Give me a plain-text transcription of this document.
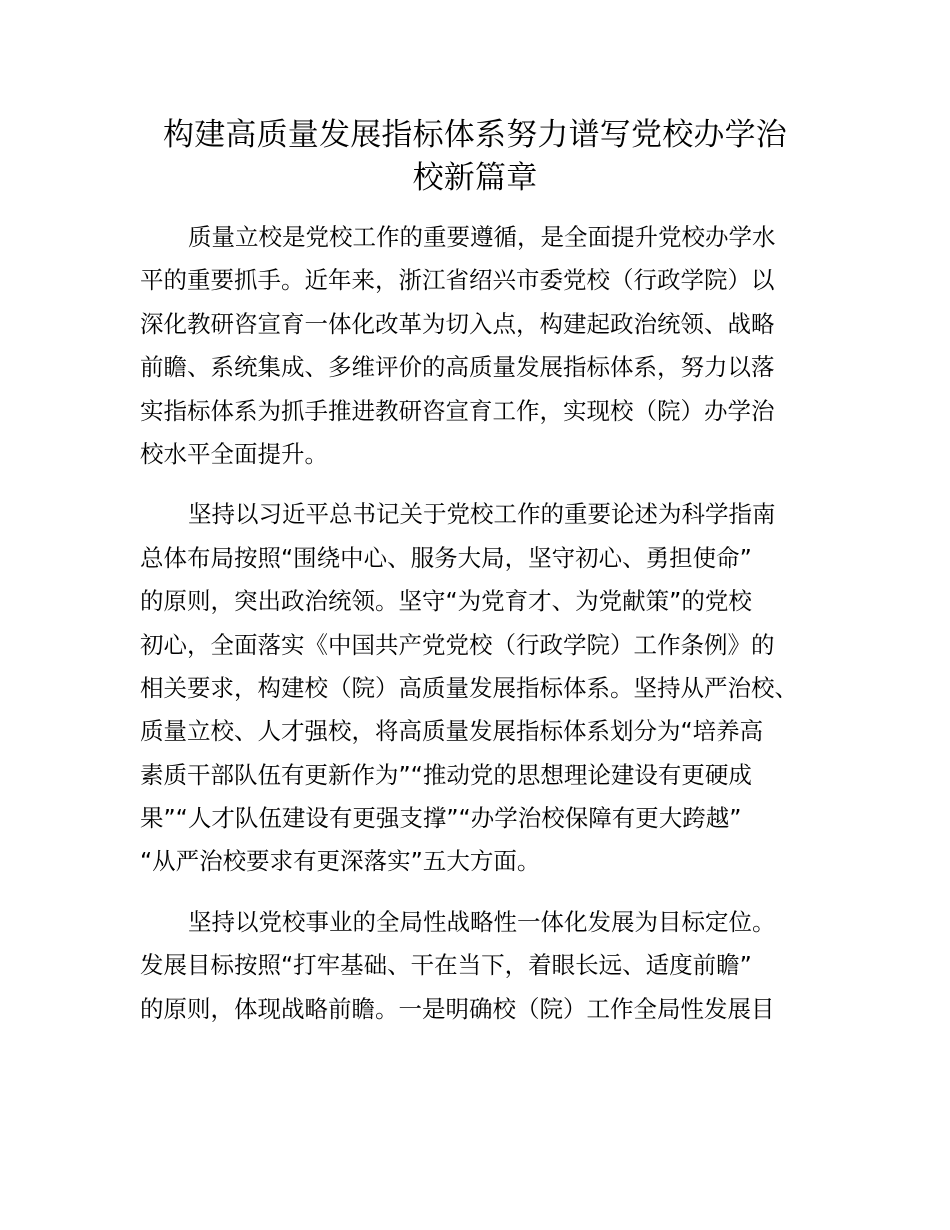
构建高质量发展指标体系努力谱写党校办学治
校新篇章

质量立校是党校工作的重要遵循，是全面提升党校办学水
平的重要抓手。近年来，浙江省绍兴市委党校（行政学院）以
深化教研咨宣育一体化改革为切入点，构建起政治统领、战略
前瞻、系统集成、多维评价的高质量发展指标体系，努力以落
实指标体系为抓手推进教研咨宣育工作，实现校（院）办学治
校水平全面提升。

坚持以习近平总书记关于党校工作的重要论述为科学指南
总体布局按照“围绕中心、服务大局，坚守初心、勇担使命”
的原则，突出政治统领。坚守“为党育才、为党献策”的党校
初心，全面落实《中国共产党党校（行政学院）工作条例》的
相关要求，构建校（院）高质量发展指标体系。坚持从严治校、
质量立校、人才强校，将高质量发展指标体系划分为“培养高
素质干部队伍有更新作为”“推动党的思想理论建设有更硬成
果”“人才队伍建设有更强支撑”“办学治校保障有更大跨越”
“从严治校要求有更深落实”五大方面。

坚持以党校事业的全局性战略性一体化发展为目标定位。
发展目标按照“打牢基础、干在当下，着眼长远、适度前瞻”
的原则，体现战略前瞻。一是明确校（院）工作全局性发展目
